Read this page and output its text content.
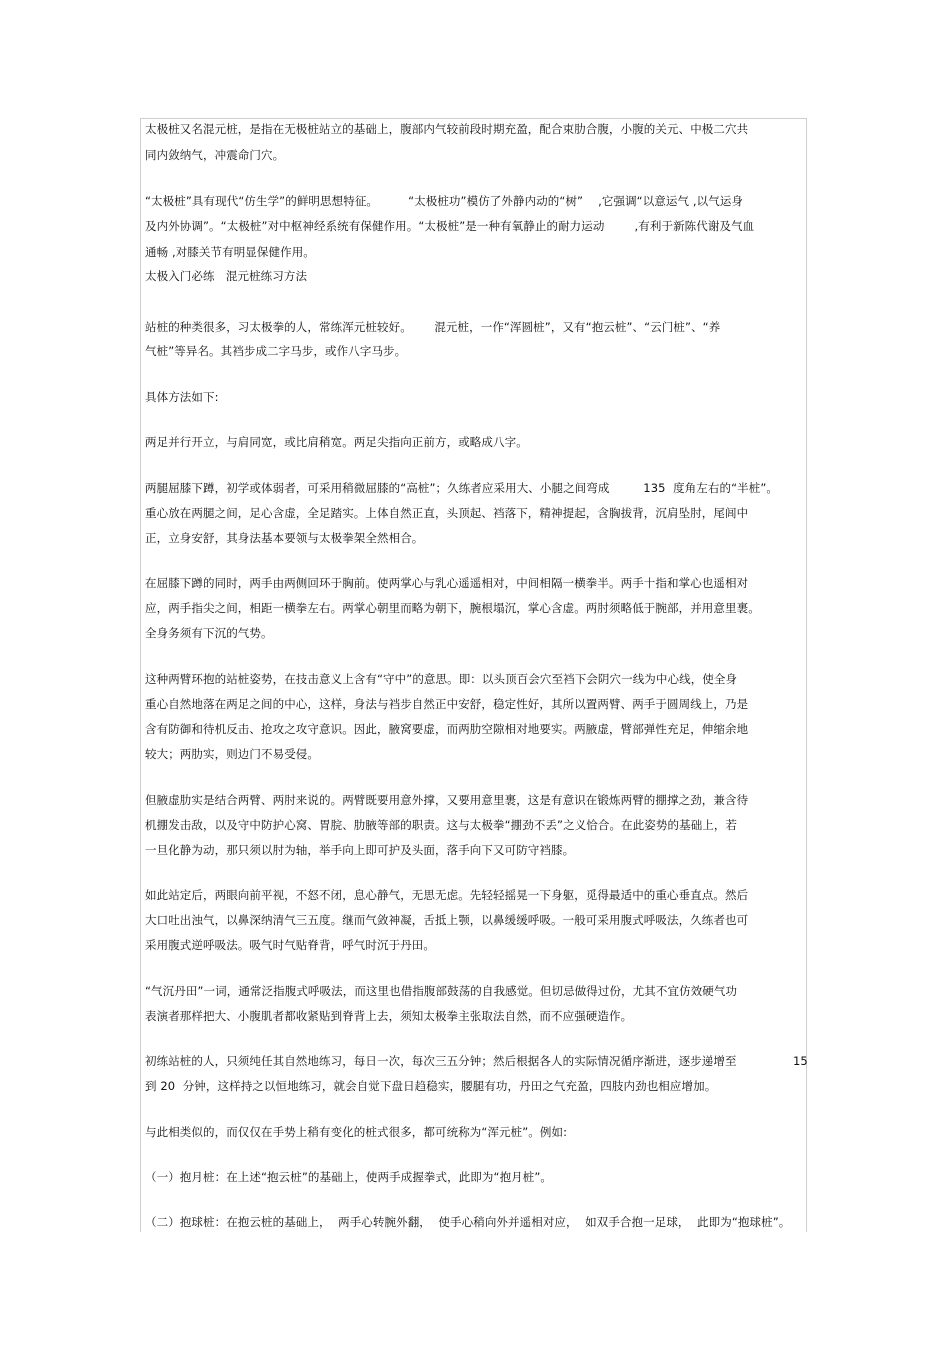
太极桩又名混元桩，是指在无极桩站立的基础上，腹部内气较前段时期充盈，配合束肋合腹，小腹的关元、中极二穴共
同内敛纳气，冲震命门穴。
“太极桩”具有现代“仿生学”的鲜明思想特征。        “太极桩功”模仿了外静内动的“树”    ,它强调“以意运气 ,以气运身
及内外协调”。“太极桩”对中枢神经系统有保健作用。“太极桩”是一种有氧静止的耐力运动        ,有利于新陈代谢及气血
通畅 ,对膝关节有明显保健作用。
太极入门必练   混元桩练习方法
站桩的种类很多，习太极拳的人，常练浑元桩较好。      混元桩，一作“浑圆桩”，又有“抱云桩”、“云门桩”、“养
气桩”等异名。其裆步成二字马步，或作八字马步。
具体方法如下:
两足并行开立，与肩同宽，或比肩稍宽。两足尖指向正前方，或略成八字。
两腿屈膝下蹲，初学或体弱者，可采用稍微屈膝的“高桩”；久练者应采用大、小腿之间弯成         135  度角左右的“半桩”。
重心放在两腿之间，足心含虚，全足踏实。上体自然正直，头顶起、裆落下，精神提起，含胸拔背，沉肩坠肘，尾闾中
正，立身安舒，其身法基本要领与太极拳架全然相合。
在屈膝下蹲的同时，两手由两侧回环于胸前。使两掌心与乳心遥遥相对，中间相隔一横拳半。两手十指和掌心也遥相对
应，两手指尖之间，相距一横拳左右。两掌心朝里而略为朝下，腕根塌沉，掌心含虚。两肘须略低于腕部，并用意里裹。
全身务须有下沉的气势。
这种两臂环抱的站桩姿势，在技击意义上含有“守中”的意思。即：以头顶百会穴至裆下会阴穴一线为中心线，使全身
重心自然地落在两足之间的中心，这样，身法与裆步自然正中安舒，稳定性好，其所以置两臂、两手于圆周线上，乃是
含有防御和待机反击、抢攻之攻守意识。因此，腋窝要虚，而两肋空隙相对地要实。两腋虚，臂部弹性充足，伸缩余地
较大；两肋实，则边门不易受侵。
但腋虚肋实是结合两臂、两肘来说的。两臂既要用意外撑，又要用意里裹，这是有意识在锻炼两臂的掤撑之劲，兼含待
机掤发击敌，以及守中防护心窝、胃脘、肋腋等部的职责。这与太极拳“掤劲不丢”之义恰合。在此姿势的基础上，若
一旦化静为动，那只须以肘为轴，举手向上即可护及头面，落手向下又可防守裆膝。
如此站定后，两眼向前平视，不怒不闭，息心静气，无思无虑。先轻轻摇晃一下身躯，觅得最适中的重心垂直点。然后
大口吐出浊气，以鼻深纳清气三五度。继而气敛神凝，舌抵上颚，以鼻缓缓呼吸。一般可采用腹式呼吸法，久练者也可
采用腹式逆呼吸法。吸气时气贴脊背，呼气时沉于丹田。
“气沉丹田”一词，通常泛指腹式呼吸法，而这里也借指腹部鼓荡的自我感觉。但切忌做得过份，尤其不宜仿效硬气功
表演者那样把大、小腹肌者都收紧贴到脊背上去，须知太极拳主张取法自然，而不应强硬造作。
初练站桩的人，只须纯任其自然地练习，每日一次，每次三五分钟；然后根据各人的实际情况循序渐进，逐步递增至	15
到 20  分钟，这样持之以恒地练习，就会自觉下盘日趋稳实，腰腿有功，丹田之气充盈，四肢内劲也相应增加。
与此相类似的，而仅仅在手势上稍有变化的桩式很多，都可统称为“浑元桩”。例如:
（一）抱月桩：在上述“抱云桩”的基础上，使两手成握拳式，此即为“抱月桩”。
（二）抱球桩：在抱云桩的基础上，  两手心转腕外翻，  使手心稍向外并遥相对应，  如双手合抱一足球，  此即为“抱球桩”。
